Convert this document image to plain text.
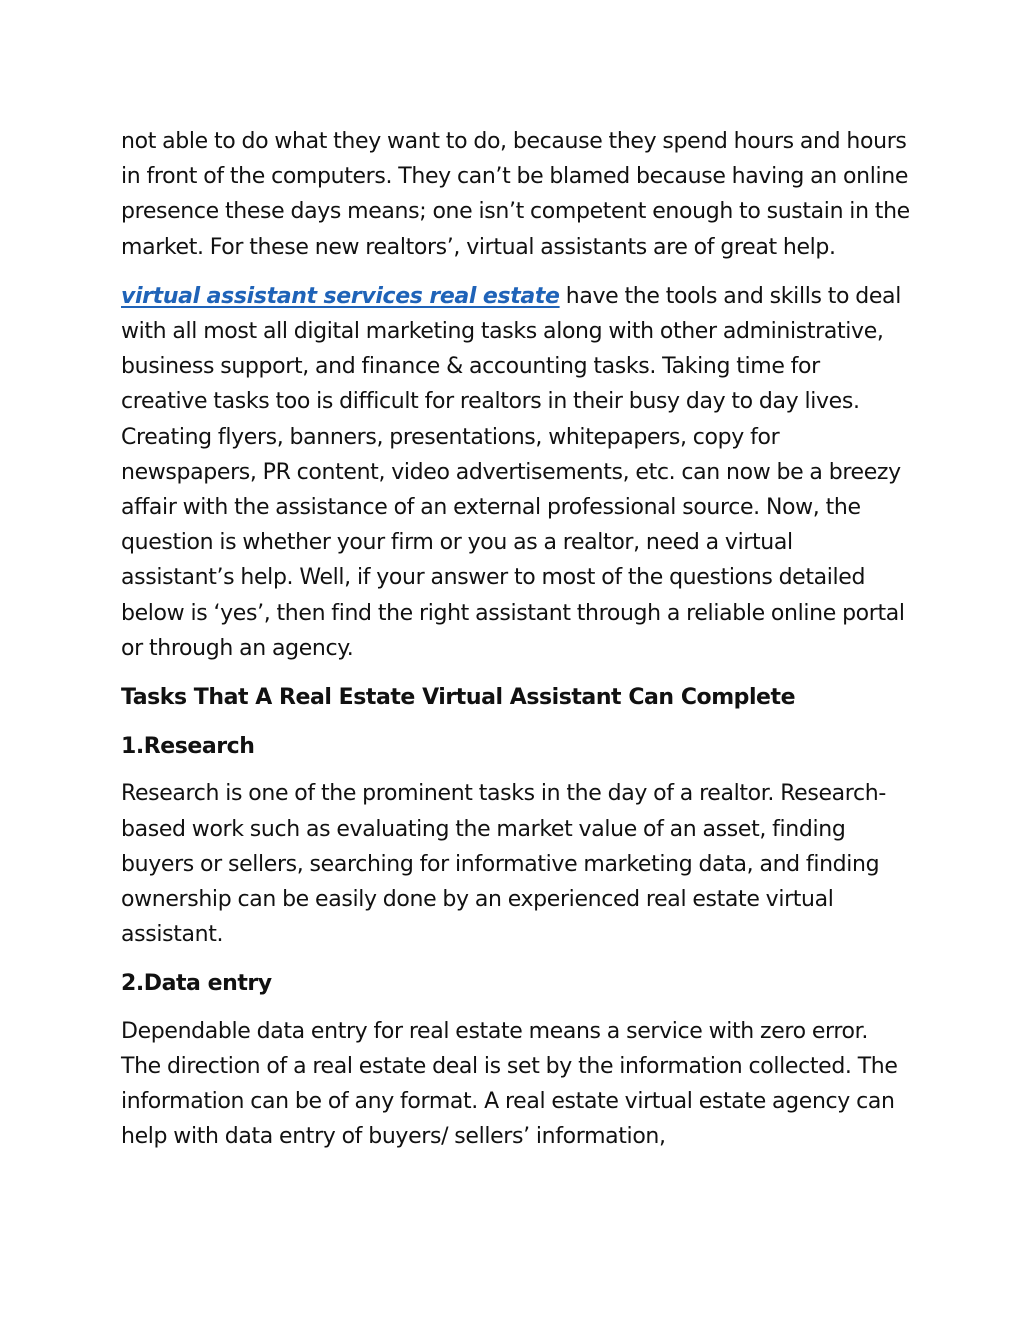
not able to do what they want to do, because they spend hours and hours in front of the computers. They can’t be blamed because having an online presence these days means; one isn’t competent enough to sustain in the market. For these new realtors’, virtual assistants are of great help.

virtual assistant services real estate have the tools and skills to deal with all most all digital marketing tasks along with other administrative, business support, and finance & accounting tasks. Taking time for creative tasks too is difficult for realtors in their busy day to day lives. Creating flyers, banners, presentations, whitepapers, copy for newspapers, PR content, video advertisements, etc. can now be a breezy affair with the assistance of an external professional source. Now, the question is whether your firm or you as a realtor, need a virtual assistant’s help. Well, if your answer to most of the questions detailed below is ‘yes’, then find the right assistant through a reliable online portal or through an agency.

Tasks That A Real Estate Virtual Assistant Can Complete
1.Research

Research is one of the prominent tasks in the day of a realtor. Research-based work such as evaluating the market value of an asset, finding buyers or sellers, searching for informative marketing data, and finding ownership can be easily done by an experienced real estate virtual assistant.

2.Data entry

Dependable data entry for real estate means a service with zero error. The direction of a real estate deal is set by the information collected. The information can be of any format. A real estate virtual estate agency can help with data entry of buyers/ sellers’ information,
